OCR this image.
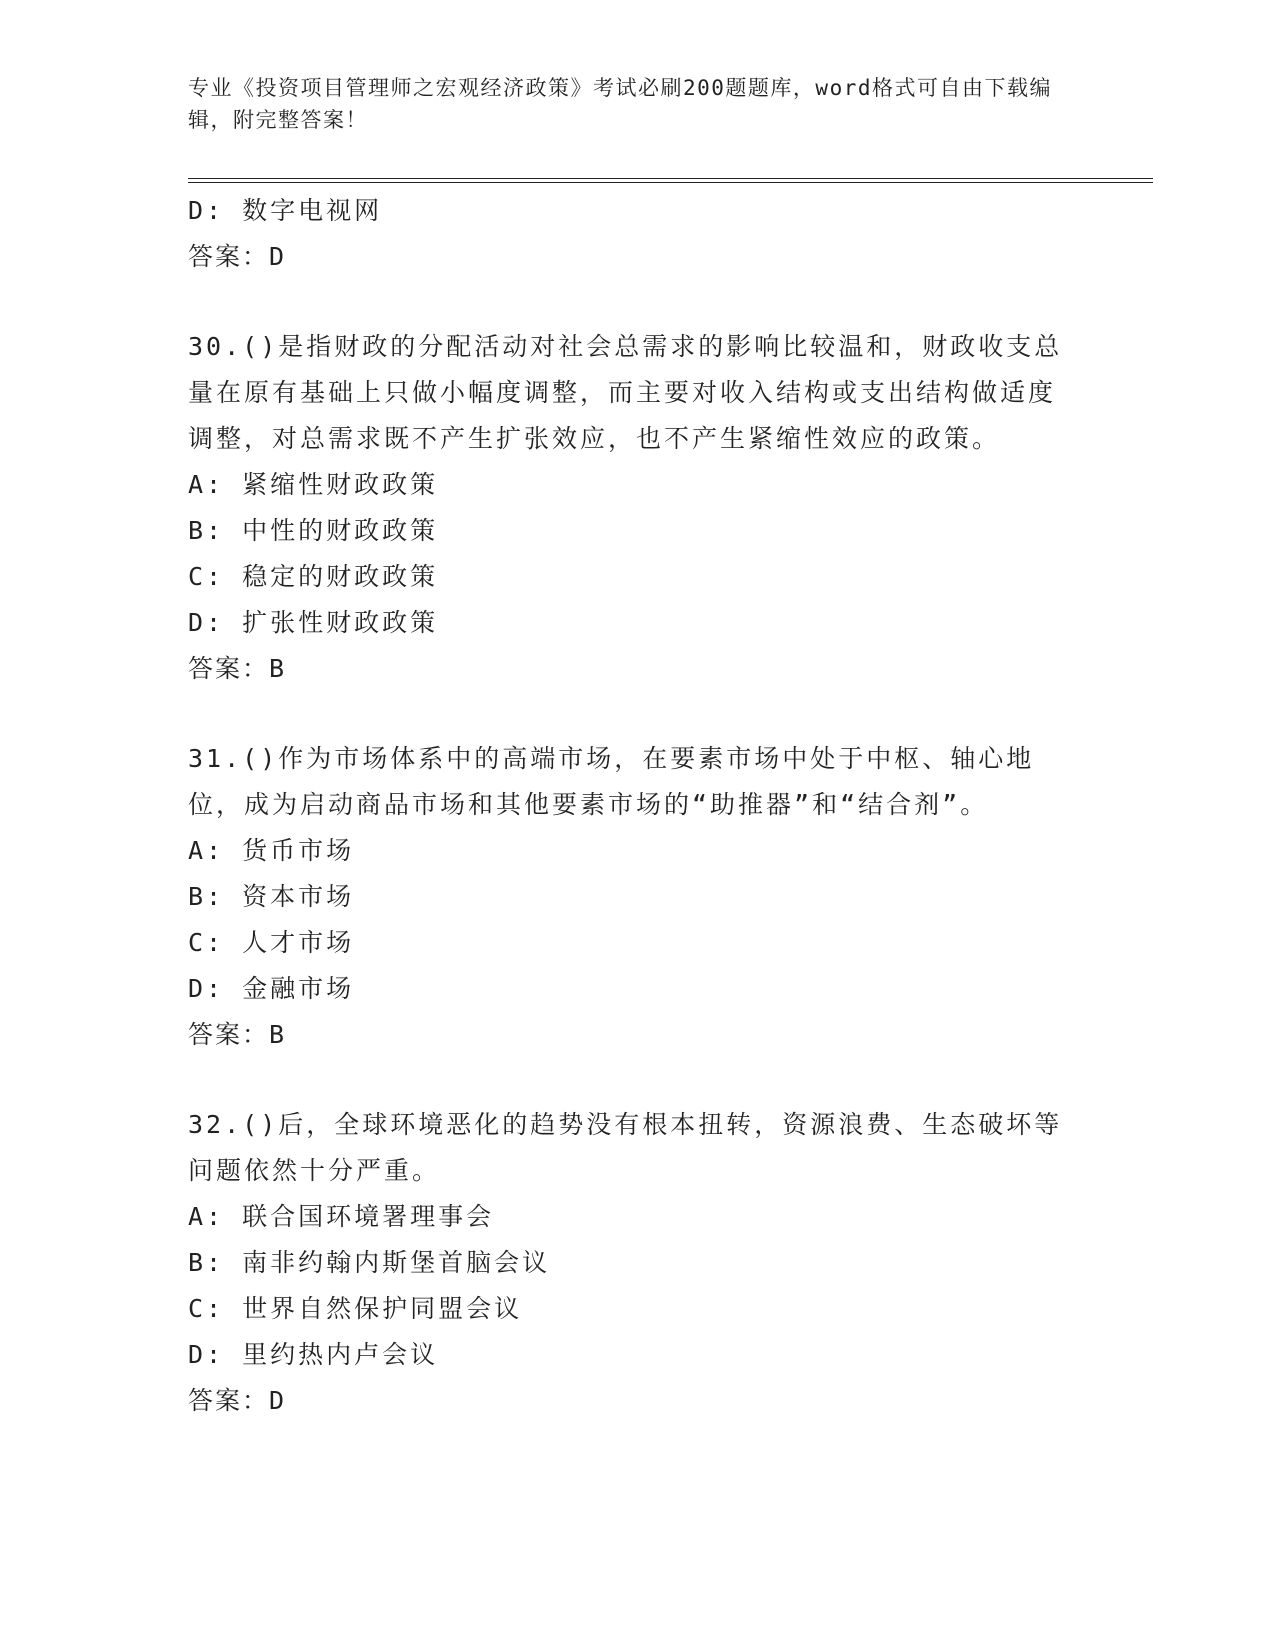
专业《投资项目管理师之宏观经济政策》考试必刷200题题库，word格式可自由下载编辑，附完整答案！
D: 数字电视网
答案：D
30.()是指财政的分配活动对社会总需求的影响比较温和，财政收支总量在原有基础上只做小幅度调整，而主要对收入结构或支出结构做适度调整，对总需求既不产生扩张效应，也不产生紧缩性效应的政策。
A: 紧缩性财政政策
B: 中性的财政政策
C: 稳定的财政政策
D: 扩张性财政政策
答案：B
31.()作为市场体系中的高端市场，在要素市场中处于中枢、轴心地位，成为启动商品市场和其他要素市场的“助推器”和“结合剂”。
A: 货币市场
B: 资本市场
C: 人才市场
D: 金融市场
答案：B
32.()后，全球环境恶化的趋势没有根本扭转，资源浪费、生态破坏等问题依然十分严重。
A: 联合国环境署理事会
B: 南非约翰内斯堡首脑会议
C: 世界自然保护同盟会议
D: 里约热内卢会议
答案：D
